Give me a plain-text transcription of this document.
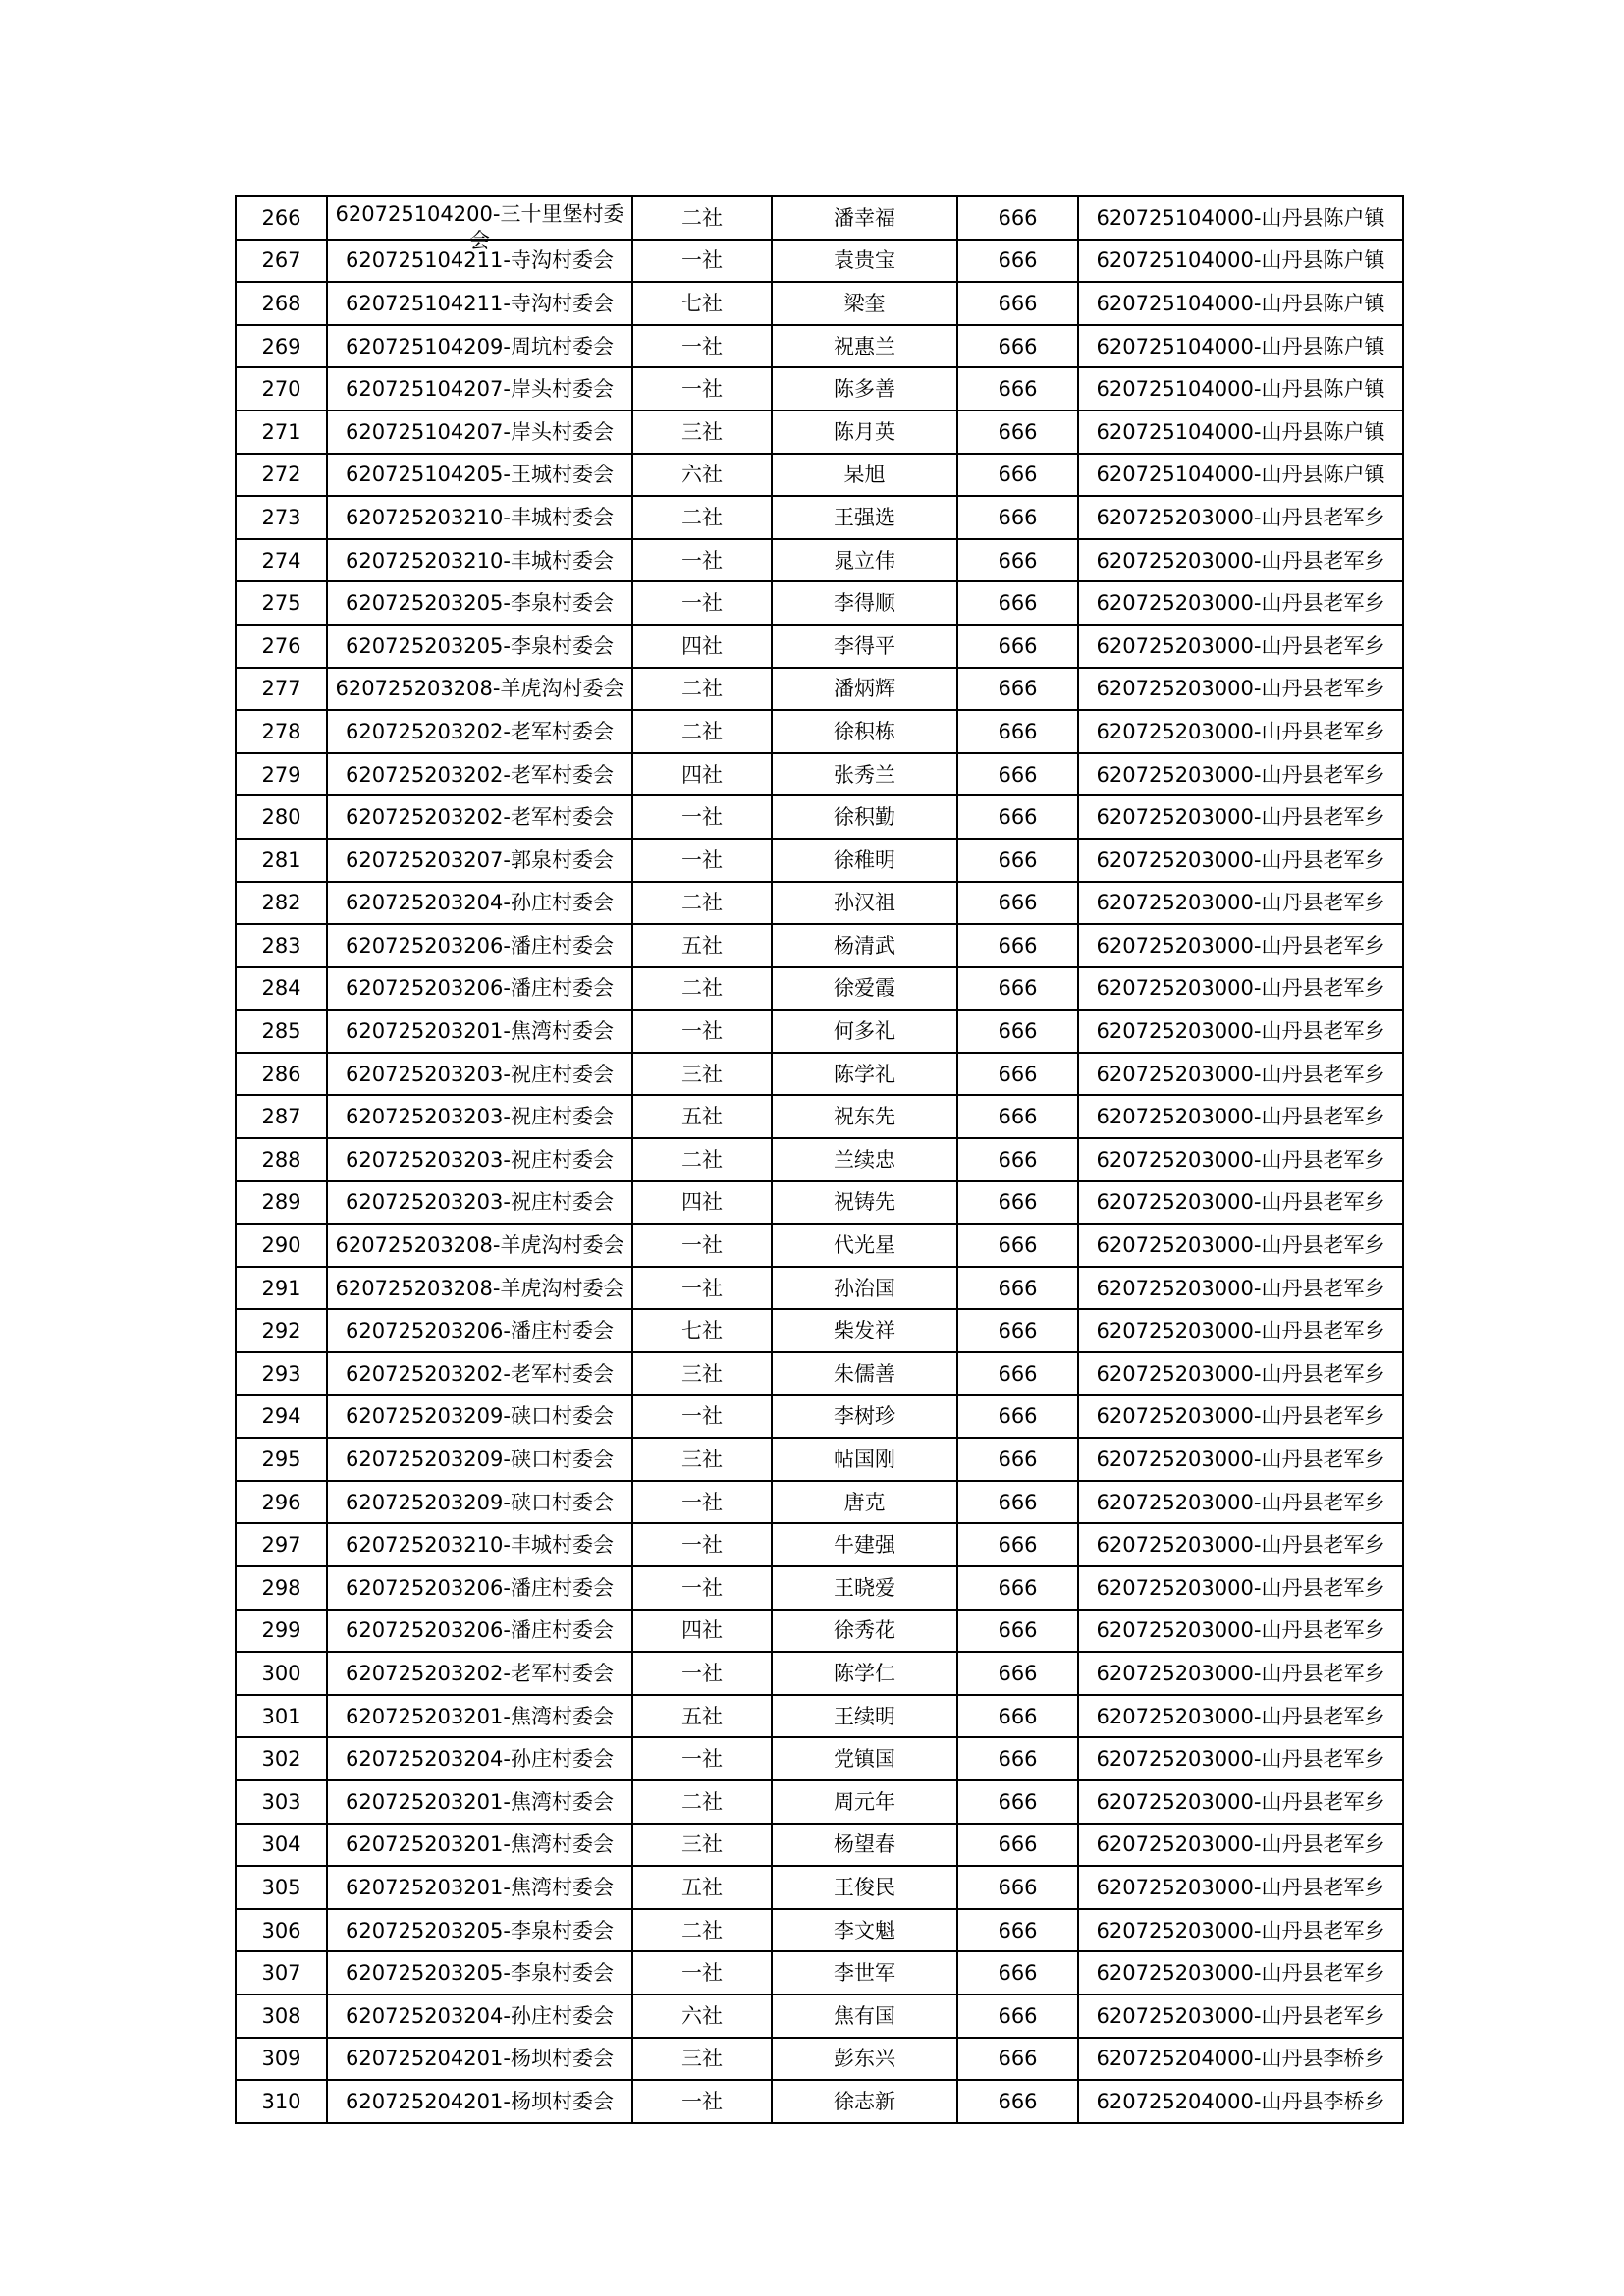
266	620725104200-三十里堡村委会	二社	潘幸福	666	620725104000-山丹县陈户镇
267	620725104211-寺沟村委会	一社	袁贵宝	666	620725104000-山丹县陈户镇
268	620725104211-寺沟村委会	七社	梁奎	666	620725104000-山丹县陈户镇
269	620725104209-周坑村委会	一社	祝惠兰	666	620725104000-山丹县陈户镇
270	620725104207-岸头村委会	一社	陈多善	666	620725104000-山丹县陈户镇
271	620725104207-岸头村委会	三社	陈月英	666	620725104000-山丹县陈户镇
272	620725104205-王城村委会	六社	杲旭	666	620725104000-山丹县陈户镇
273	620725203210-丰城村委会	二社	王强选	666	620725203000-山丹县老军乡
274	620725203210-丰城村委会	一社	晁立伟	666	620725203000-山丹县老军乡
275	620725203205-李泉村委会	一社	李得顺	666	620725203000-山丹县老军乡
276	620725203205-李泉村委会	四社	李得平	666	620725203000-山丹县老军乡
277	620725203208-羊虎沟村委会	二社	潘炳辉	666	620725203000-山丹县老军乡
278	620725203202-老军村委会	二社	徐积栋	666	620725203000-山丹县老军乡
279	620725203202-老军村委会	四社	张秀兰	666	620725203000-山丹县老军乡
280	620725203202-老军村委会	一社	徐积勤	666	620725203000-山丹县老军乡
281	620725203207-郭泉村委会	一社	徐稚明	666	620725203000-山丹县老军乡
282	620725203204-孙庄村委会	二社	孙汉祖	666	620725203000-山丹县老军乡
283	620725203206-潘庄村委会	五社	杨清武	666	620725203000-山丹县老军乡
284	620725203206-潘庄村委会	二社	徐爱霞	666	620725203000-山丹县老军乡
285	620725203201-焦湾村委会	一社	何多礼	666	620725203000-山丹县老军乡
286	620725203203-祝庄村委会	三社	陈学礼	666	620725203000-山丹县老军乡
287	620725203203-祝庄村委会	五社	祝东先	666	620725203000-山丹县老军乡
288	620725203203-祝庄村委会	二社	兰续忠	666	620725203000-山丹县老军乡
289	620725203203-祝庄村委会	四社	祝铸先	666	620725203000-山丹县老军乡
290	620725203208-羊虎沟村委会	一社	代光星	666	620725203000-山丹县老军乡
291	620725203208-羊虎沟村委会	一社	孙治国	666	620725203000-山丹县老军乡
292	620725203206-潘庄村委会	七社	柴发祥	666	620725203000-山丹县老军乡
293	620725203202-老军村委会	三社	朱儒善	666	620725203000-山丹县老军乡
294	620725203209-硖口村委会	一社	李树珍	666	620725203000-山丹县老军乡
295	620725203209-硖口村委会	三社	帖国刚	666	620725203000-山丹县老军乡
296	620725203209-硖口村委会	一社	唐克	666	620725203000-山丹县老军乡
297	620725203210-丰城村委会	一社	牛建强	666	620725203000-山丹县老军乡
298	620725203206-潘庄村委会	一社	王晓爱	666	620725203000-山丹县老军乡
299	620725203206-潘庄村委会	四社	徐秀花	666	620725203000-山丹县老军乡
300	620725203202-老军村委会	一社	陈学仁	666	620725203000-山丹县老军乡
301	620725203201-焦湾村委会	五社	王续明	666	620725203000-山丹县老军乡
302	620725203204-孙庄村委会	一社	党镇国	666	620725203000-山丹县老军乡
303	620725203201-焦湾村委会	二社	周元年	666	620725203000-山丹县老军乡
304	620725203201-焦湾村委会	三社	杨望春	666	620725203000-山丹县老军乡
305	620725203201-焦湾村委会	五社	王俊民	666	620725203000-山丹县老军乡
306	620725203205-李泉村委会	二社	李文魁	666	620725203000-山丹县老军乡
307	620725203205-李泉村委会	一社	李世军	666	620725203000-山丹县老军乡
308	620725203204-孙庄村委会	六社	焦有国	666	620725203000-山丹县老军乡
309	620725204201-杨坝村委会	三社	彭东兴	666	620725204000-山丹县李桥乡
310	620725204201-杨坝村委会	一社	徐志新	666	620725204000-山丹县李桥乡
